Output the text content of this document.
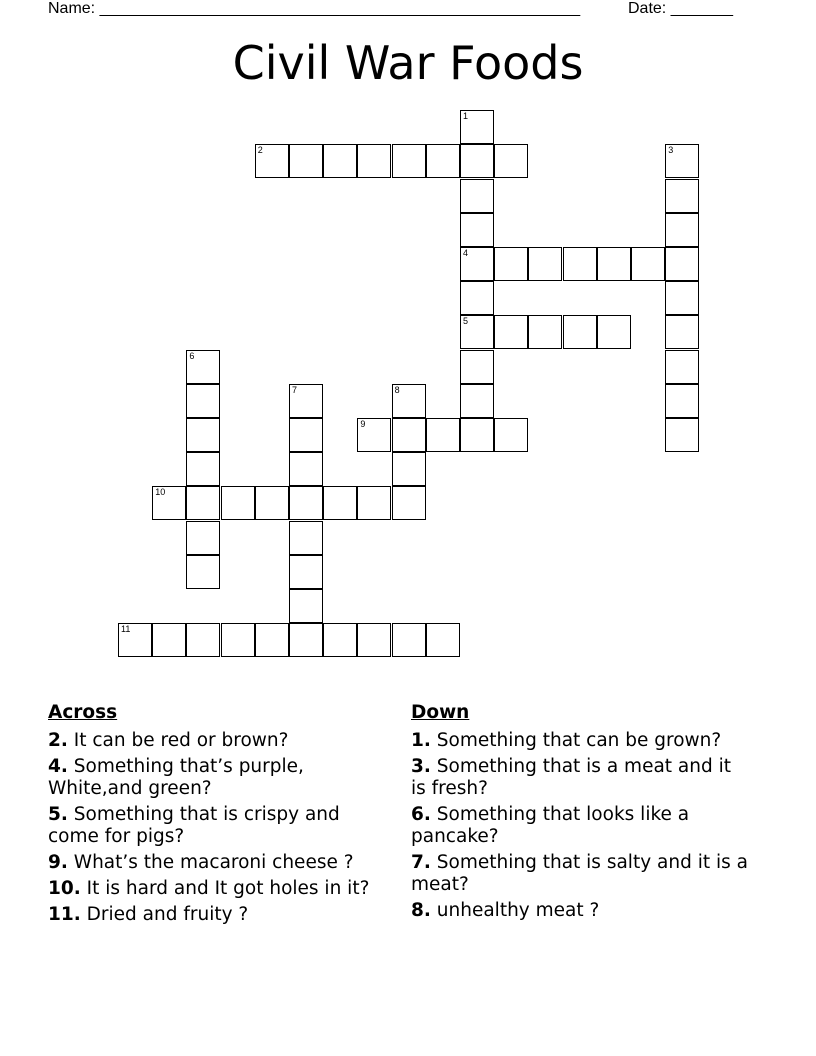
Name: ______________________________________________________	Date: _______
Civil War Foods
1
4
5
2	3
6
7	8
9
10
11
Across
2. It can be red or brown?
4. Something that’s purple, White,and green?
5. Something that is crispy and come for pigs?
9. What’s the macaroni cheese ?
10. It is hard and It got holes in it?
11. Dried and fruity ?
Down
1. Something that can be grown?
3. Something that is a meat and it is fresh?
6. Something that looks like a pancake?
7. Something that is salty and it is a meat?
8. unhealthy meat ?
